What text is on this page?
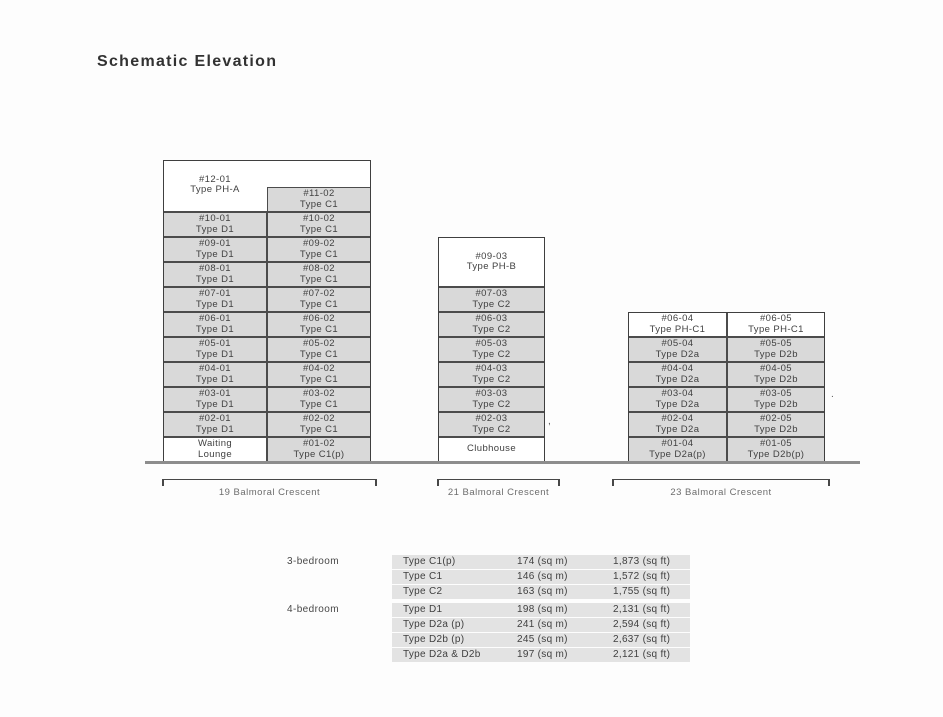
Schematic Elevation
#12-01
Type PH-A	#11-02
Type C1
#10-01
Type D1
#10-02
Type C1
#09-01
Type D1
#09-02
Type C1
#08-01
Type D1
#08-02
Type C1
#07-01
Type D1
#07-02
Type C1
#06-01
Type D1
#06-02
Type C1
#05-01
Type D1
#05-02
Type C1
#04-01
Type D1
#04-02
Type C1
#03-01
Type D1
#03-02
Type C1
#02-01
Type D1
#02-02
Type C1
Waiting
Lounge
#01-02
Type C1(p)
#09-03
Type PH-B
#07-03
Type C2
#06-03
Type C2
#05-03
Type C2
#04-03
Type C2
#03-03
Type C2
#02-03
Type C2
Clubhouse
#06-04
Type PH-C1
#06-05
Type PH-C1
#05-04
Type D2a
#05-05
Type D2b
#04-04
Type D2a
#04-05
Type D2b
#03-04
Type D2a
#03-05
Type D2b
#02-04
Type D2a
#02-05
Type D2b
#01-04
Type D2a(p)
#01-05
Type D2b(p)
19 Balmoral Crescent	21 Balmoral Crescent	23 Balmoral Crescent
,
.
3-bedroom	Type C1(p)	174 (sq m)	1,873 (sq ft)
Type C1	146 (sq m)	1,572 (sq ft)
Type C2	163 (sq m)	1,755 (sq ft)
4-bedroom	Type D1	198 (sq m)	2,131 (sq ft)
Type D2a (p)	241 (sq m)	2,594 (sq ft)
Type D2b (p)	245 (sq m)	2,637 (sq ft)
Type D2a & D2b	197 (sq m)	2,121 (sq ft)
